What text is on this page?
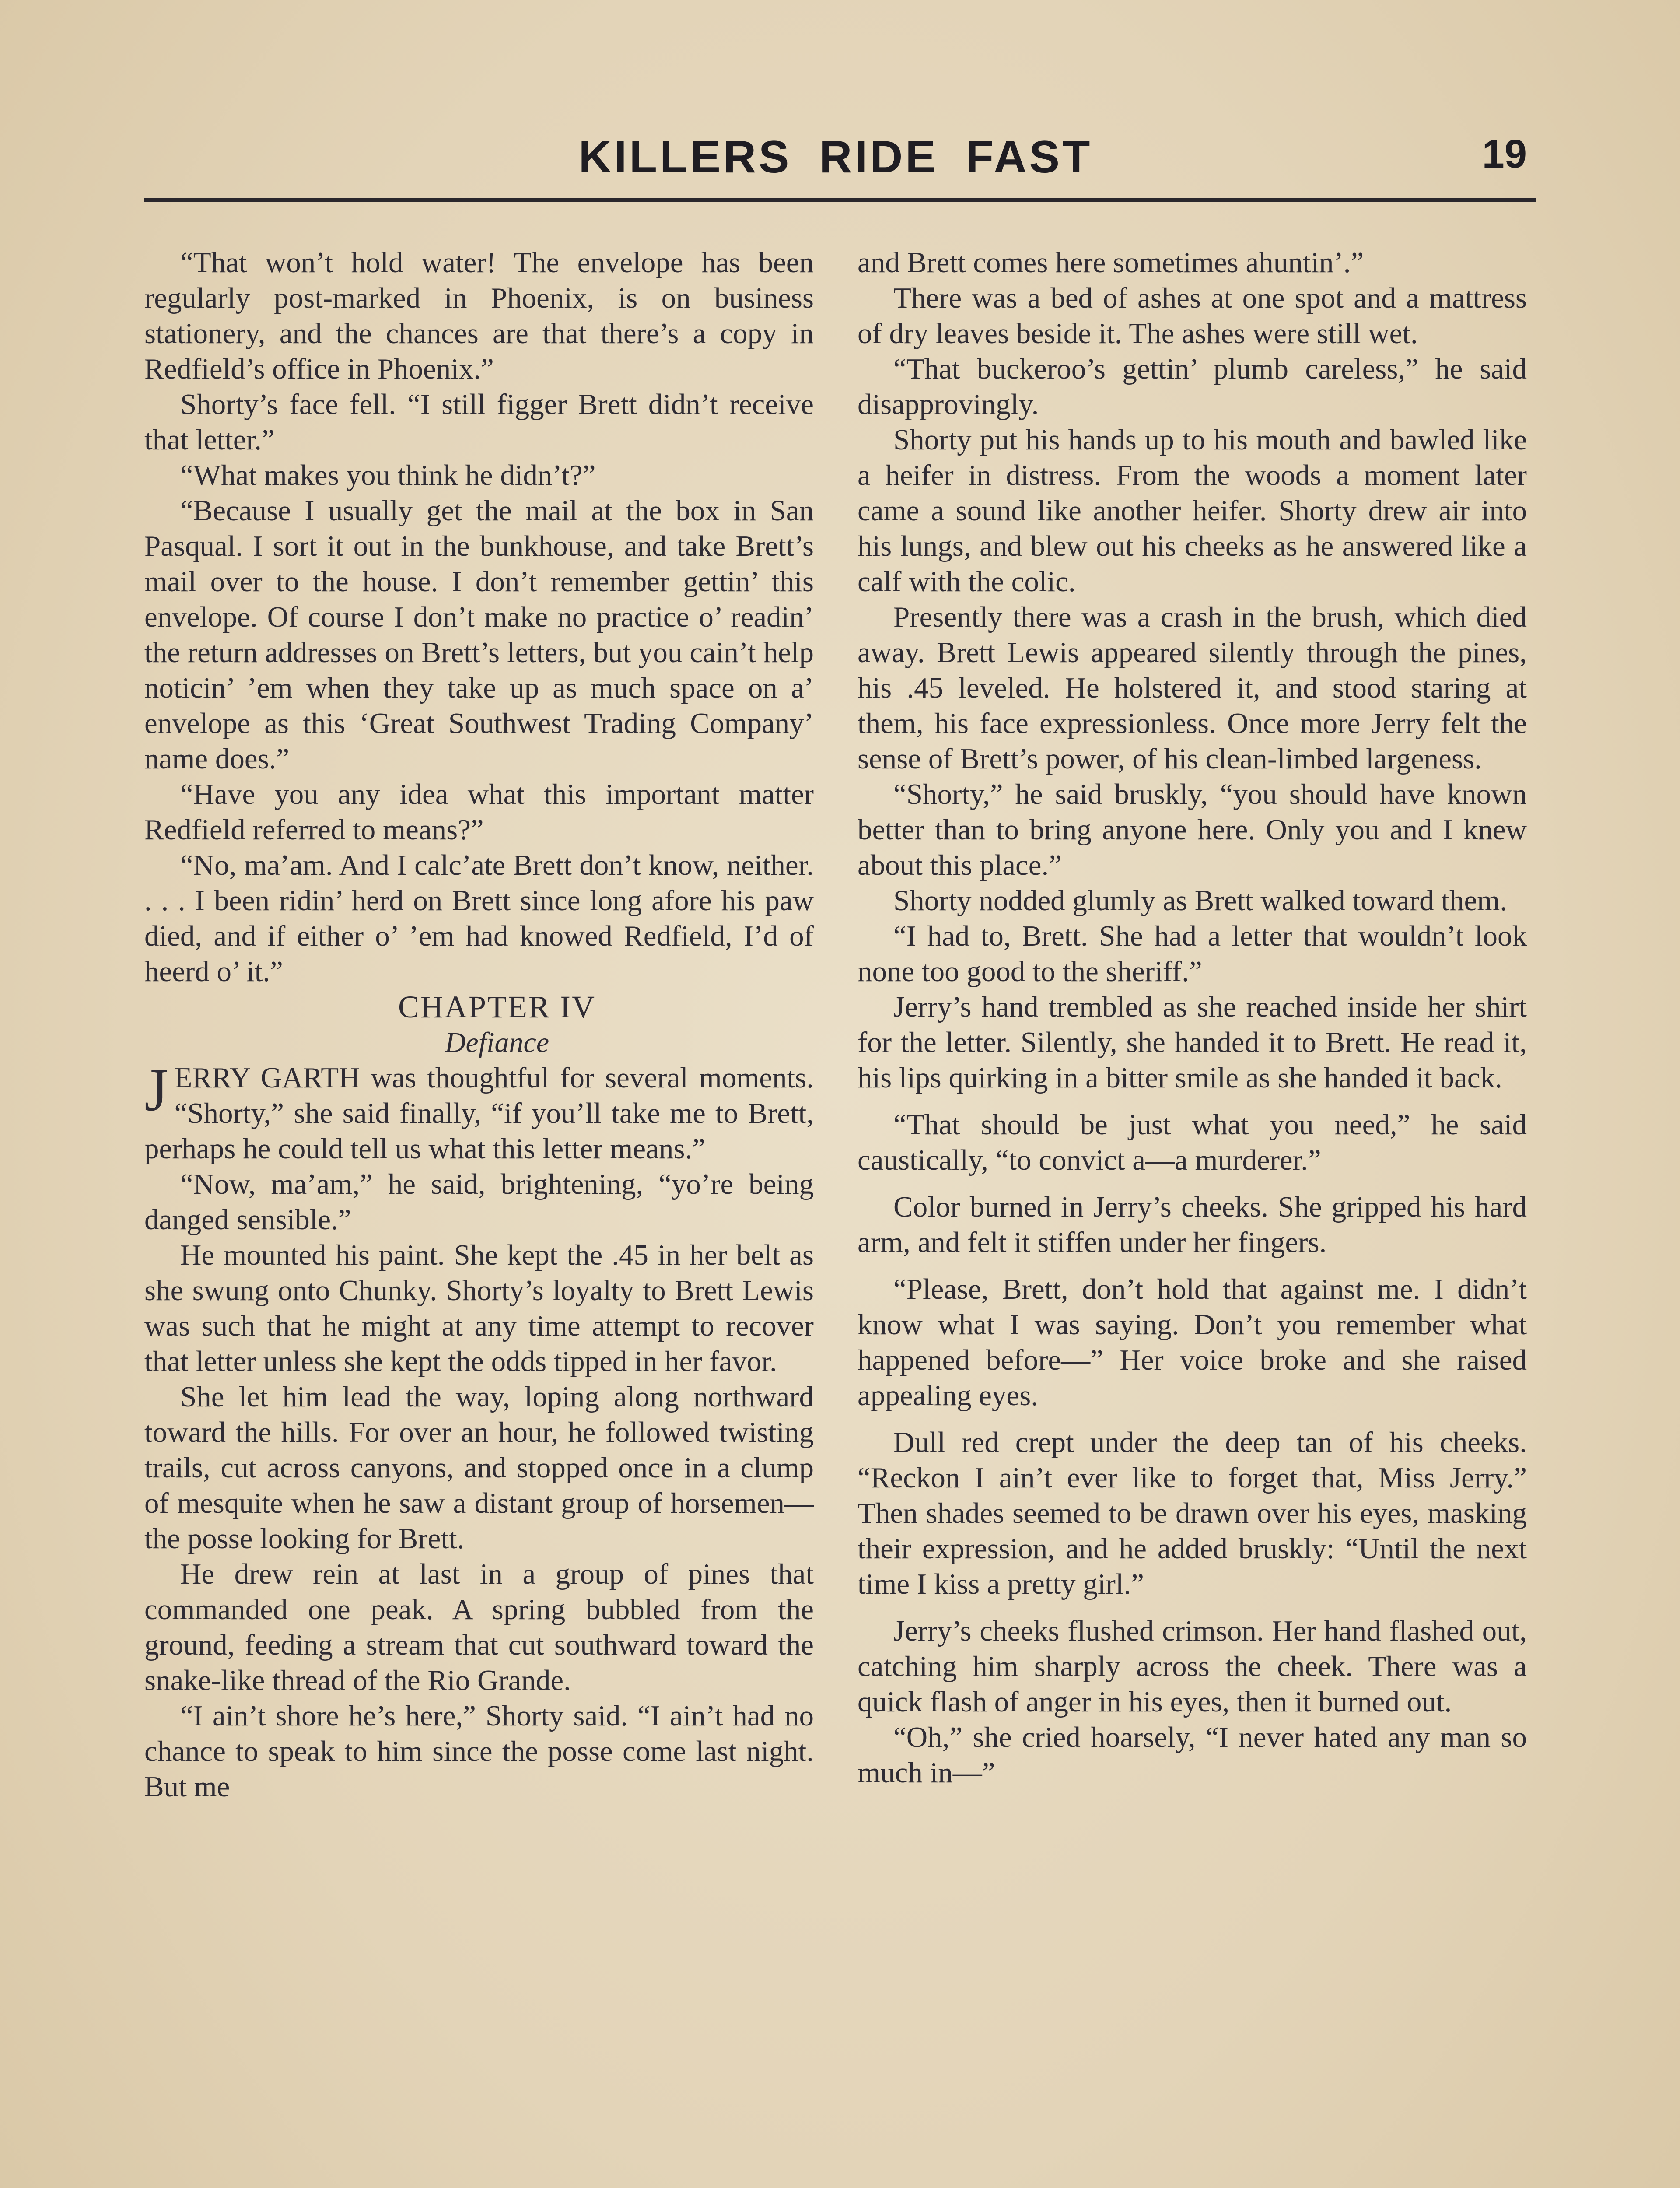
KILLERS RIDE FAST	19

“That won’t hold water! The envelope has been regularly post-marked in Phoenix, is on business stationery, and the chances are that there’s a copy in Redfield’s office in Phoenix.”

Shorty’s face fell. “I still figger Brett didn’t receive that letter.”

“What makes you think he didn’t?”

“Because I usually get the mail at the box in San Pasqual. I sort it out in the bunkhouse, and take Brett’s mail over to the house. I don’t remember gettin’ this envelope. Of course I don’t make no practice o’ readin’ the return addresses on Brett’s letters, but you cain’t help noticin’ ’em when they take up as much space on a’ envelope as this ‘Great Southwest Trading Company’ name does.”

“Have you any idea what this important matter Redfield referred to means?”

“No, ma’am. And I calc’ate Brett don’t know, neither. . . . I been ridin’ herd on Brett since long afore his paw died, and if either o’ ’em had knowed Redfield, I’d of heerd o’ it.”

CHAPTER IV

Defiance

JERRY GARTH was thoughtful for several moments. “Shorty,” she said finally, “if you’ll take me to Brett, perhaps he could tell us what this letter means.”

“Now, ma’am,” he said, brightening, “yo’re being danged sensible.”

He mounted his paint. She kept the .45 in her belt as she swung onto Chunky. Shorty’s loyalty to Brett Lewis was such that he might at any time attempt to recover that letter unless she kept the odds tipped in her favor.

She let him lead the way, loping along northward toward the hills. For over an hour, he followed twisting trails, cut across canyons, and stopped once in a clump of mesquite when he saw a distant group of horsemen—the posse looking for Brett.

He drew rein at last in a group of pines that commanded one peak. A spring bubbled from the ground, feeding a stream that cut southward toward the snake-like thread of the Rio Grande.

“I ain’t shore he’s here,” Shorty said. “I ain’t had no chance to speak to him since the posse come last night. But me

and Brett comes here sometimes ahuntin’.”

There was a bed of ashes at one spot and a mattress of dry leaves beside it. The ashes were still wet.

“That buckeroo’s gettin’ plumb careless,” he said disapprovingly.

Shorty put his hands up to his mouth and bawled like a heifer in distress. From the woods a moment later came a sound like another heifer. Shorty drew air into his lungs, and blew out his cheeks as he answered like a calf with the colic.

Presently there was a crash in the brush, which died away. Brett Lewis appeared silently through the pines, his .45 leveled. He holstered it, and stood staring at them, his face expressionless. Once more Jerry felt the sense of Brett’s power, of his clean-limbed largeness.

“Shorty,” he said bruskly, “you should have known better than to bring anyone here. Only you and I knew about this place.”

Shorty nodded glumly as Brett walked toward them.

“I had to, Brett. She had a letter that wouldn’t look none too good to the sheriff.”

Jerry’s hand trembled as she reached inside her shirt for the letter. Silently, she handed it to Brett. He read it, his lips quirking in a bitter smile as she handed it back.

“That should be just what you need,” he said caustically, “to convict a—a murderer.”

Color burned in Jerry’s cheeks. She gripped his hard arm, and felt it stiffen under her fingers.

“Please, Brett, don’t hold that against me. I didn’t know what I was saying. Don’t you remember what happened before—” Her voice broke and she raised appealing eyes.

Dull red crept under the deep tan of his cheeks. “Reckon I ain’t ever like to forget that, Miss Jerry.” Then shades seemed to be drawn over his eyes, masking their expression, and he added bruskly: “Until the next time I kiss a pretty girl.”

Jerry’s cheeks flushed crimson. Her hand flashed out, catching him sharply across the cheek. There was a quick flash of anger in his eyes, then it burned out.

“Oh,” she cried hoarsely, “I never hated any man so much in—”
